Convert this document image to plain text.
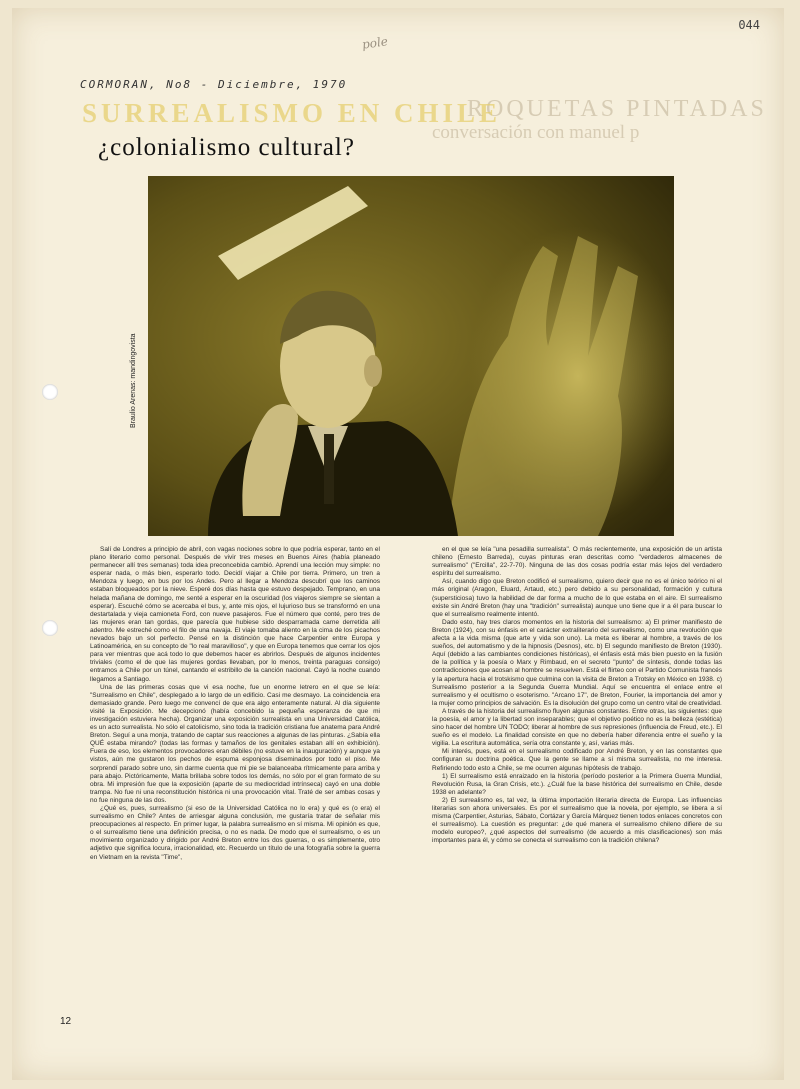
044
pole
CORMORAN, No8 - Diciembre, 1970
ROQUETAS PINTADAS
conversación con manuel p
SURREALISMO EN CHILE
¿colonialismo cultural?
Braulio Arenas: mandingovista

Salí de Londres a principio de abril, con vagas nociones sobre lo que podría esperar, tanto en el plano literario como personal. Después de vivir tres meses en Buenos Aires (había planeado permanecer allí tres semanas) toda idea preconcebida cambió. Aprendí una lección muy simple: no esperar nada, o más bien, esperarlo todo. Decidí viajar a Chile por tierra. Primero, un tren a Mendoza y luego, en bus por los Andes. Pero al llegar a Mendoza descubrí que los caminos estaban bloqueados por la nieve. Esperé dos días hasta que estuvo despejado. Temprano, en una helada mañana de domingo, me senté a esperar en la oscuridad (los viajeros siempre se sientan a esperar). Escuché cómo se acercaba el bus, y, ante mis ojos, el lujurioso bus se transformó en una destartalada y vieja camioneta Ford, con nueve pasajeros. Fue el número que conté, pero tres de las mujeres eran tan gordas, que parecía que hubiese sido desparramada carne derretida allí adentro. Me estreché como el filo de una navaja. El viaje tomaba aliento en la cima de los picachos nevados bajo un sol perfecto. Pensé en la distinción que hace Carpentier entre Europa y Latinoamérica, en su concepto de "lo real maravilloso", y que en Europa tenemos que cerrar los ojos para ver mientras que acá todo lo que debemos hacer es abrirlos. Después de algunos incidentes triviales (como el de que las mujeres gordas llevaban, por lo menos, treinta paraguas consigo) entramos a Chile por un túnel, cantando el estribillo de la canción nacional. Cayó la noche cuando llegamos a Santiago.

Una de las primeras cosas que vi esa noche, fue un enorme letrero en el que se leía: "Surrealismo en Chile", desplegado a lo largo de un edificio. Casi me desmayo. La coincidencia era demasiado grande. Pero luego me convencí de que era algo enteramente natural. Al día siguiente visité la Exposición. Me decepcionó (había concebido la pequeña esperanza de que mi investigación estuviera hecha). Organizar una exposición surrealista en una Universidad Católica, es un acto surrealista. No sólo el catolicismo, sino toda la tradición cristiana fue anatema para André Breton. Seguí a una monja, tratando de captar sus reacciones a algunas de las pinturas. ¿Sabía ella QUÉ estaba mirando? (todas las formas y tamaños de los genitales estaban allí en exhibición). Fuera de eso, los elementos provocadores eran débiles (no estuve en la inauguración) y aunque ya vistos, aún me gustaron los pechos de espuma esponjosa diseminados por todo el piso. Me sorprendí parado sobre uno, sin darme cuenta que mi pie se balanceaba rítmicamente para arriba y para abajo. Pictóricamente, Matta brillaba sobre todos los demás, no sólo por el gran formato de su obra. Mi impresión fue que la exposición (aparte de su mediocridad intrínseca) cayó en una doble trampa. No fue ni una reconstitución histórica ni una provocación vital. Traté de ser ambas cosas y no fue ninguna de las dos.

¿Qué es, pues, surrealismo (si eso de la Universidad Católica no lo era) y qué es (o era) el surrealismo en Chile? Antes de arriesgar alguna conclusión, me gustaría tratar de señalar mis preocupaciones al respecto. En primer lugar, la palabra surrealismo en sí misma. Mi opinión es que, o el surrealismo tiene una definición precisa, o no es nada. De modo que el surrealismo, o es un movimiento organizado y dirigido por André Breton entre los dos guerras, o es simplemente, otro adjetivo que significa locura, irracionalidad, etc. Recuerdo un título de una fotografía sobre la guerra en Vietnam en la revista "Time",

en el que se leía "una pesadilla surrealista". O más recientemente, una exposición de un artista chileno (Ernesto Barreda), cuyas pinturas eran descritas como "verdaderos almacenes de surrealismo" ("Ercilla", 22-7-70). Ninguna de las dos cosas podría estar más lejos del verdadero espíritu del surrealismo.

Así, cuando digo que Breton codificó el surrealismo, quiero decir que no es el único teórico ni el más original (Aragon, Eluard, Artaud, etc.) pero debido a su personalidad, formación y cultura (supersticiosa) tuvo la habilidad de dar forma a mucho de lo que estaba en el aire. El surrealismo existe sin André Breton (hay una "tradición" surrealista) aunque uno tiene que ir a él para buscar lo que el surrealismo realmente intentó.

Dado esto, hay tres claros momentos en la historia del surrealismo: a) El primer manifiesto de Breton (1924), con su énfasis en el carácter extraliterario del surrealismo, como una revolución que afecta a la vida misma (que arte y vida son uno). La meta es liberar al hombre, a través de los sueños, del automatismo y de la hipnosis (Desnos), etc. b) El segundo manifiesto de Breton (1930). Aquí (debido a las cambiantes condiciones históricas), el énfasis está más bien puesto en la fusión de la política y la poesía o Marx y Rimbaud, en el secreto "punto" de síntesis, donde todas las contradicciones que acosan al hombre se resuelven. Está el flirteo con el Partido Comunista francés y la apertura hacia el trotskismo que culmina con la visita de Breton a Trotsky en México en 1938. c) Surrealismo posterior a la Segunda Guerra Mundial. Aquí se encuentra el enlace entre el surrealismo y el ocultismo o esoterismo. "Arcano 17", de Breton, Fourier, la importancia del amor y la mujer como principios de salvación. Es la disolución del grupo como un centro vital de creatividad.

A través de la historia del surrealismo fluyen algunas constantes. Entre otras, las siguientes: que la poesía, el amor y la libertad son inseparables; que el objetivo poético no es la belleza (estética) sino hacer del hombre UN TODO; liberar al hombre de sus represiones (influencia de Freud, etc.). El sueño es el modelo. La finalidad consiste en que no debería haber diferencia entre el sueño y la vigilia. La escritura automática, sería otra constante y, así, varias más.

Mi interés, pues, está en el surrealismo codificado por André Breton, y en las constantes que configuran su doctrina poética. Que la gente se llame a sí misma surrealista, no me interesa. Refiriendo todo esto a Chile, se me ocurren algunas hipótesis de trabajo.

1) El surrealismo está enraizado en la historia (período posterior a la Primera Guerra Mundial, Revolución Rusa, la Gran Crisis, etc.). ¿Cuál fue la base histórica del surrealismo en Chile, desde 1938 en adelante?

2) El surrealismo es, tal vez, la última importación literaria directa de Europa. Las influencias literarias son ahora universales. Es por el surrealismo que la novela, por ejemplo, se libera a sí misma (Carpentier, Asturias, Sábato, Cortázar y García Márquez tienen todos enlaces concretos con el surrealismo). La cuestión es preguntar: ¿de qué manera el surrealismo chileno difiere de su modelo europeo?, ¿qué aspectos del surrealismo (de acuerdo a mis clasificaciones) son más importantes para él, y cómo se conecta el surrealismo con la tradición chilena?

12
